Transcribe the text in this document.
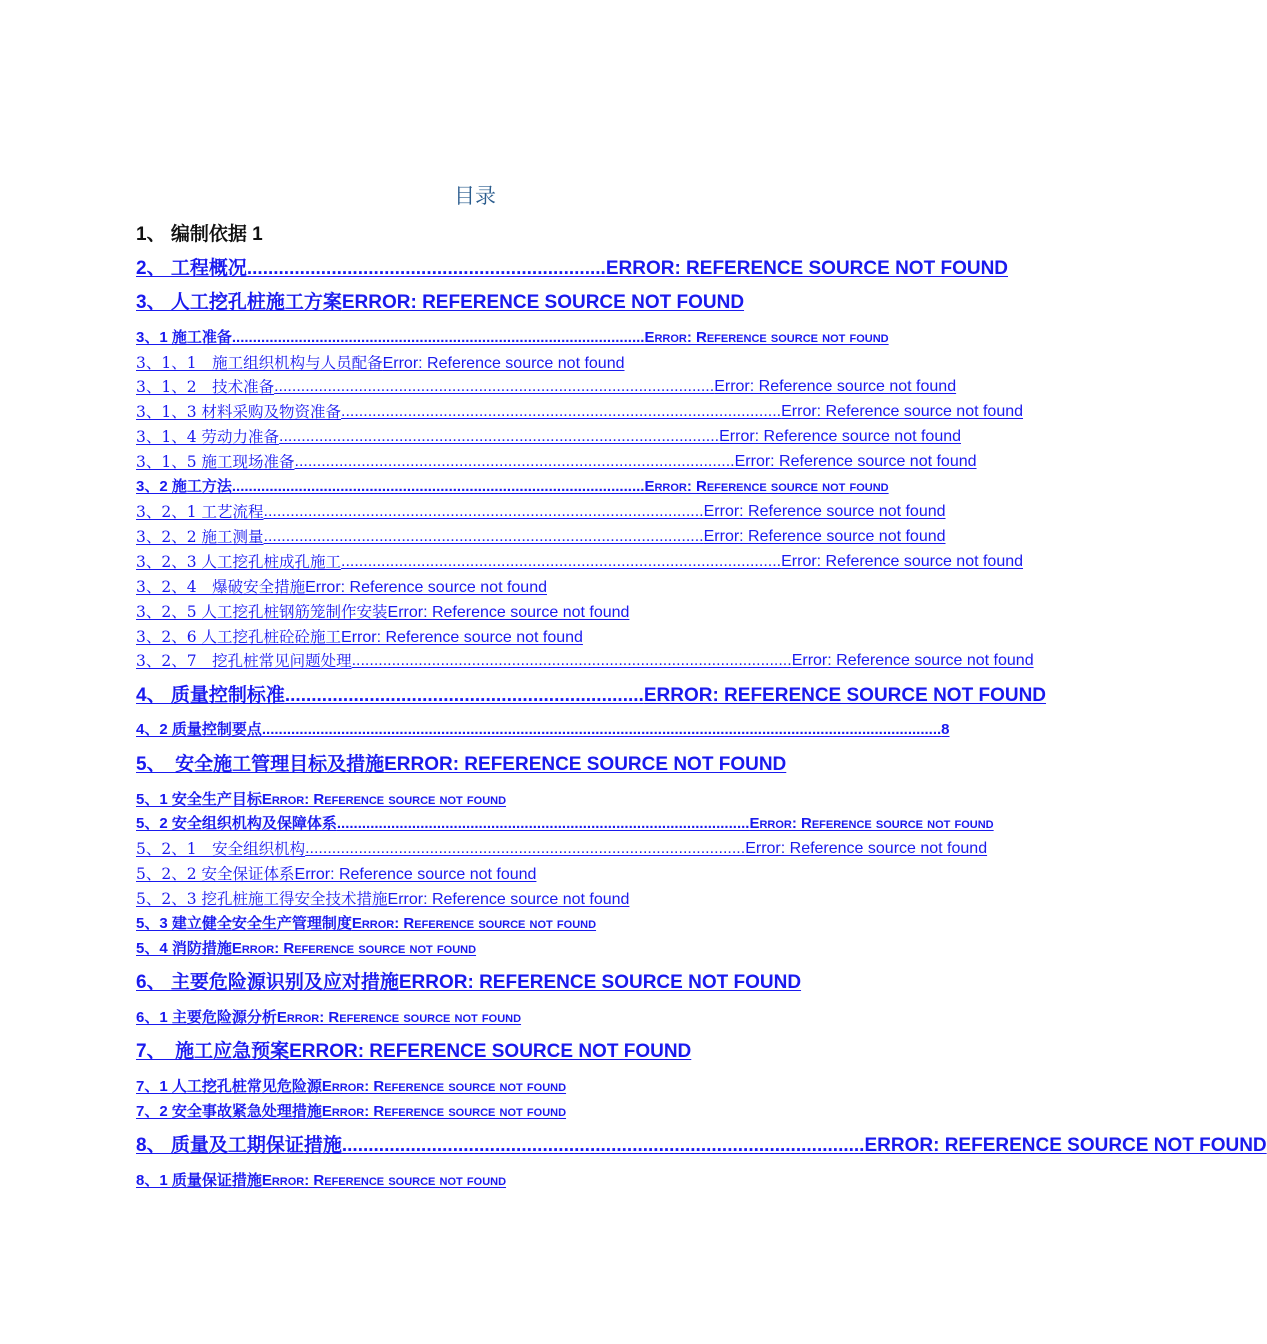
目录
1、 编制依据 1
2、 工程概况 .................................................................... ERROR: REFERENCE SOURCE NOT FOUND
3、 人工挖孔桩施工方案ERROR: REFERENCE SOURCE NOT FOUND
3、1 施工准备 ................................................................................................... Error: Reference source not found
3、1、1　施工组织机构与人员配备Error: Reference source not found
3、1、2　技术准备 ................................................................................................... Error: Reference source not found
3、1、3 材料采购及物资准备 ................................................................................................... Error: Reference source not found
3、1、4 劳动力准备 ................................................................................................... Error: Reference source not found
3、1、5 施工现场准备 ................................................................................................... Error: Reference source not found
3、2 施工方法 ................................................................................................... Error: Reference source not found
3、2、1 工艺流程 ................................................................................................... Error: Reference source not found
3、2、2 施工测量 ................................................................................................... Error: Reference source not found
3、2、3 人工挖孔桩成孔施工 ................................................................................................... Error: Reference source not found
3、2、4　爆破安全措施Error: Reference source not found
3、2、5 人工挖孔桩钢筋笼制作安装Error: Reference source not found
3、2、6 人工挖孔桩砼砼施工Error: Reference source not found
3、2、7　挖孔桩常见问题处理 ................................................................................................... Error: Reference source not found
4、 质量控制标准 .................................................................... ERROR: REFERENCE SOURCE NOT FOUND
4、2 质量控制要点 ................................................................................................................................................................... 8
5、　安全施工管理目标及措施ERROR: REFERENCE SOURCE NOT FOUND
5、1 安全生产目标Error: Reference source not found
5、2 安全组织机构及保障体系 ................................................................................................... Error: Reference source not found
5、2、1　安全组织机构 ................................................................................................... Error: Reference source not found
5、2、2 安全保证体系Error: Reference source not found
5、2、3 挖孔桩施工得安全技术措施Error: Reference source not found
5、3 建立健全安全生产管理制度Error: Reference source not found
5、4 消防措施Error: Reference source not found
6、 主要危险源识别及应对措施ERROR: REFERENCE SOURCE NOT FOUND
6、1 主要危险源分析Error: Reference source not found
7、　施工应急预案ERROR: REFERENCE SOURCE NOT FOUND
7、1 人工挖孔桩常见危险源Error: Reference source not found
7、2 安全事故紧急处理措施Error: Reference source not found
8、 质量及工期保证措施 ................................................................................................... ERROR: REFERENCE SOURCE NOT FOUND
8、1 质量保证措施Error: Reference source not found
